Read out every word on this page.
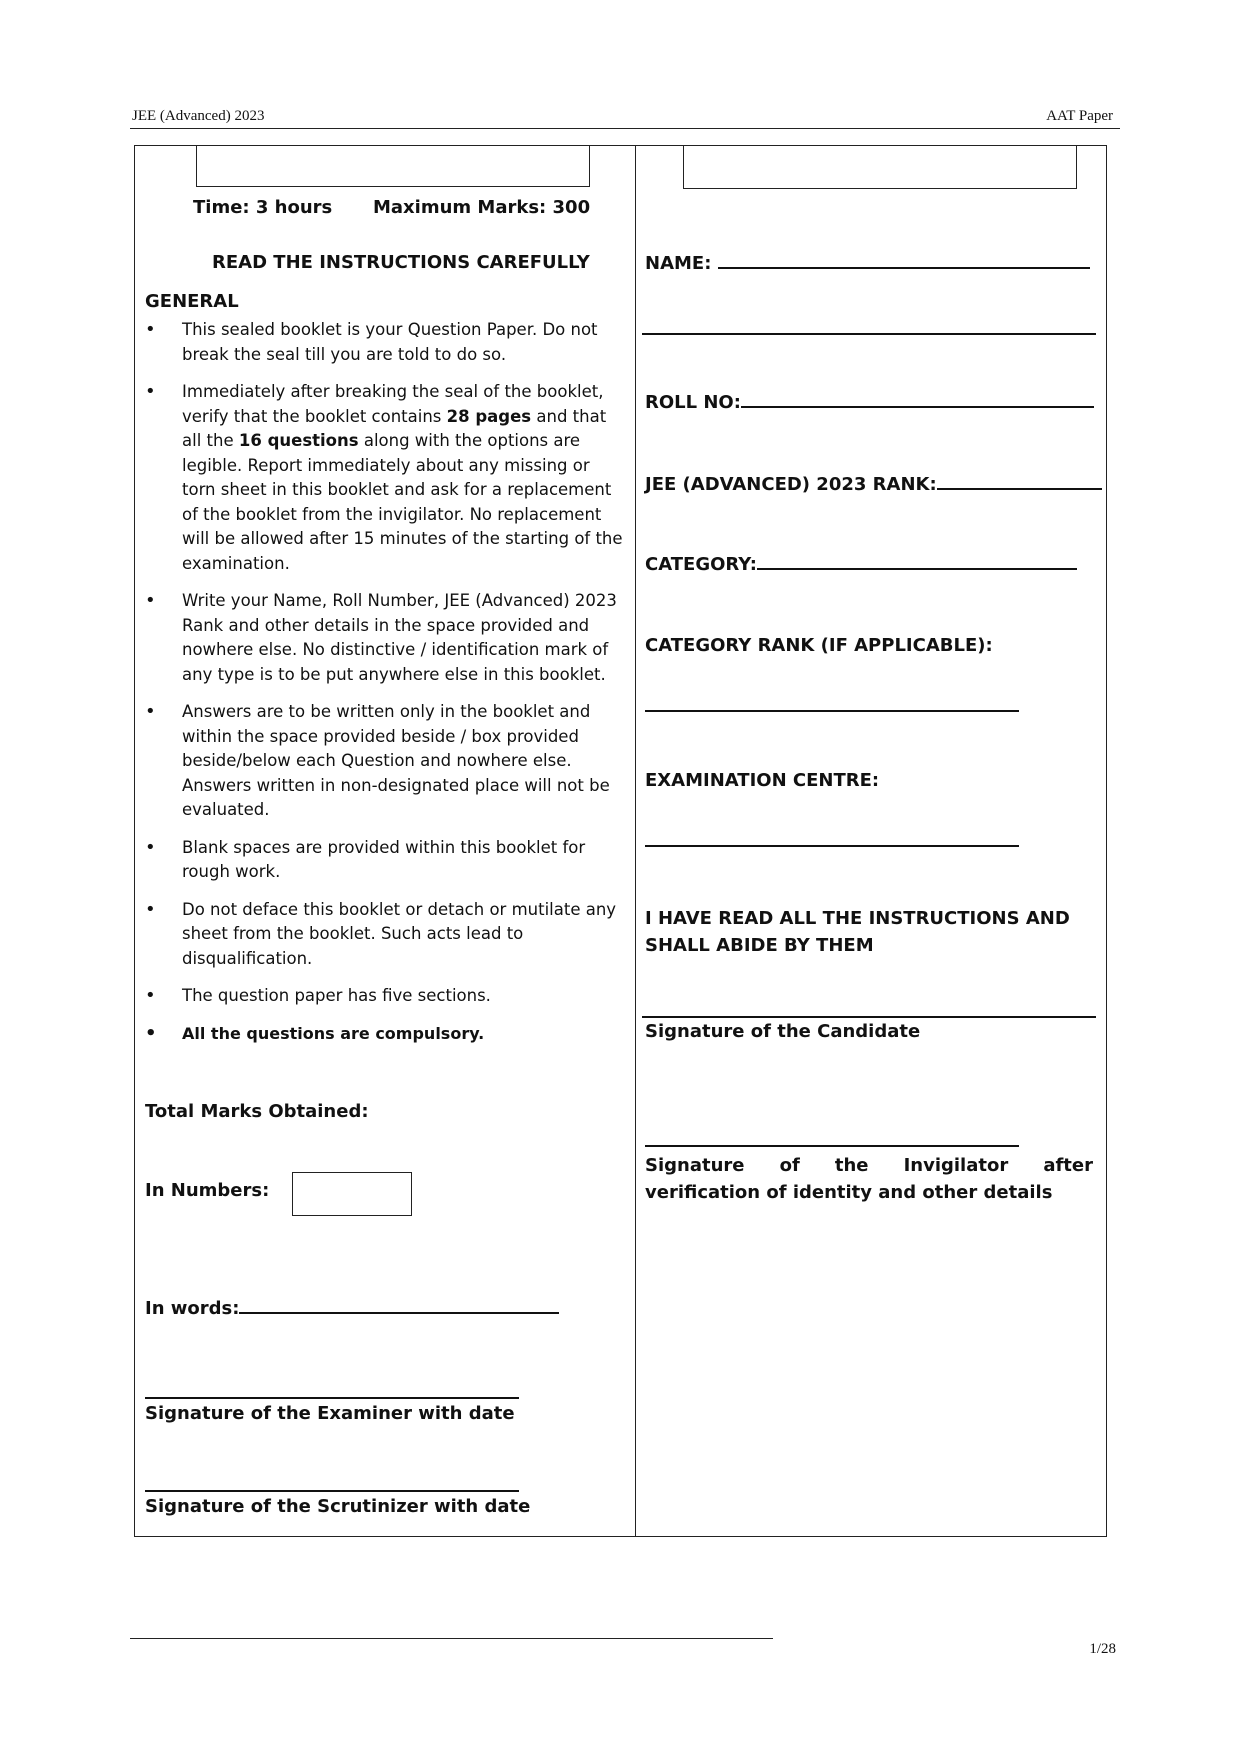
JEE (Advanced) 2023	AAT Paper
Time: 3 hours Maximum Marks: 300
READ THE INSTRUCTIONS CAREFULLY
GENERAL
• This sealed booklet is your Question Paper. Do not break the seal till you are told to do so.
• Immediately after breaking the seal of the booklet, verify that the booklet contains 28 pages and that all the 16 questions along with the options are legible. Report immediately about any missing or torn sheet in this booklet and ask for a replacement of the booklet from the invigilator. No replacement will be allowed after 15 minutes of the starting of the examination.
• Write your Name, Roll Number, JEE (Advanced) 2023 Rank and other details in the space provided and nowhere else. No distinctive / identification mark of any type is to be put anywhere else in this booklet.
• Answers are to be written only in the booklet and within the space provided beside / box provided beside/below each Question and nowhere else. Answers written in non-designated place will not be evaluated.
• Blank spaces are provided within this booklet for rough work.
• Do not deface this booklet or detach or mutilate any sheet from the booklet. Such acts lead to disqualification.
• The question paper has five sections.
• All the questions are compulsory.
Total Marks Obtained:
In Numbers:
In words:
Signature of the Examiner with date
Signature of the Scrutinizer with date
NAME:
ROLL NO:
JEE (ADVANCED) 2023 RANK:
CATEGORY:
CATEGORY RANK (IF APPLICABLE):
EXAMINATION CENTRE:
I HAVE READ ALL THE INSTRUCTIONS AND SHALL ABIDE BY THEM
Signature of the Candidate
Signature of the Invigilator after verification of identity and other details
1/28
